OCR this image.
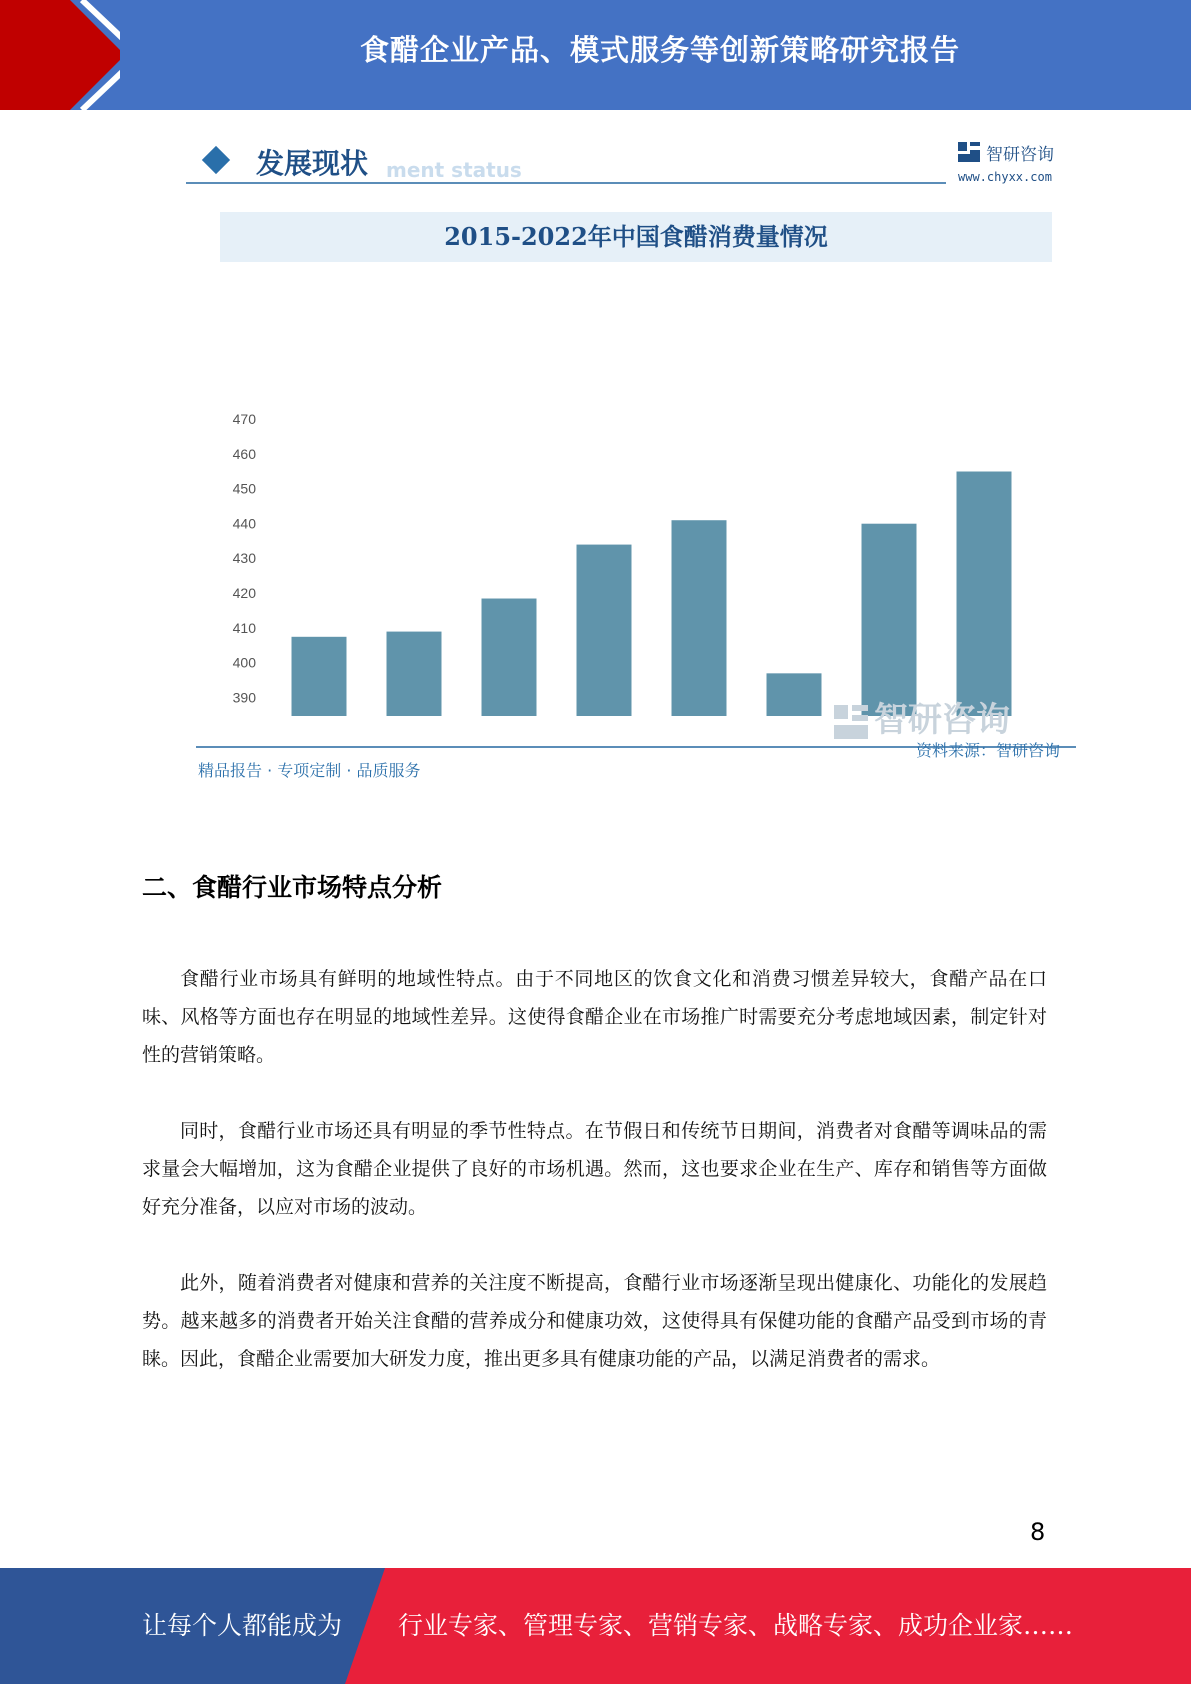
食醋企业产品、模式服务等创新策略研究报告
ment status
发展现状	智研咨询
www.chyxx.com
2015-2022年中国食醋消费量情况
390
400
410
420
430
440
450
460
470
智研咨询
精品报告 · 专项定制 · 品质服务
资料来源：智研咨询
二、食醋行业市场特点分析

食醋行业市场具有鲜明的地域性特点。由于不同地区的饮食文化和消费习惯差异较大，食醋产品在口味、风格等方面也存在明显的地域性差异。这使得食醋企业在市场推广时需要充分考虑地域因素，制定针对性的营销策略。

同时，食醋行业市场还具有明显的季节性特点。在节假日和传统节日期间，消费者对食醋等调味品的需求量会大幅增加，这为食醋企业提供了良好的市场机遇。然而，这也要求企业在生产、库存和销售等方面做好充分准备，以应对市场的波动。

此外，随着消费者对健康和营养的关注度不断提高，食醋行业市场逐渐呈现出健康化、功能化的发展趋势。越来越多的消费者开始关注食醋的营养成分和健康功效，这使得具有保健功能的食醋产品受到市场的青睐。因此，食醋企业需要加大研发力度，推出更多具有健康功能的产品，以满足消费者的需求。

8
让每个人都能成为 行业专家、管理专家、营销专家、战略专家、成功企业家……
